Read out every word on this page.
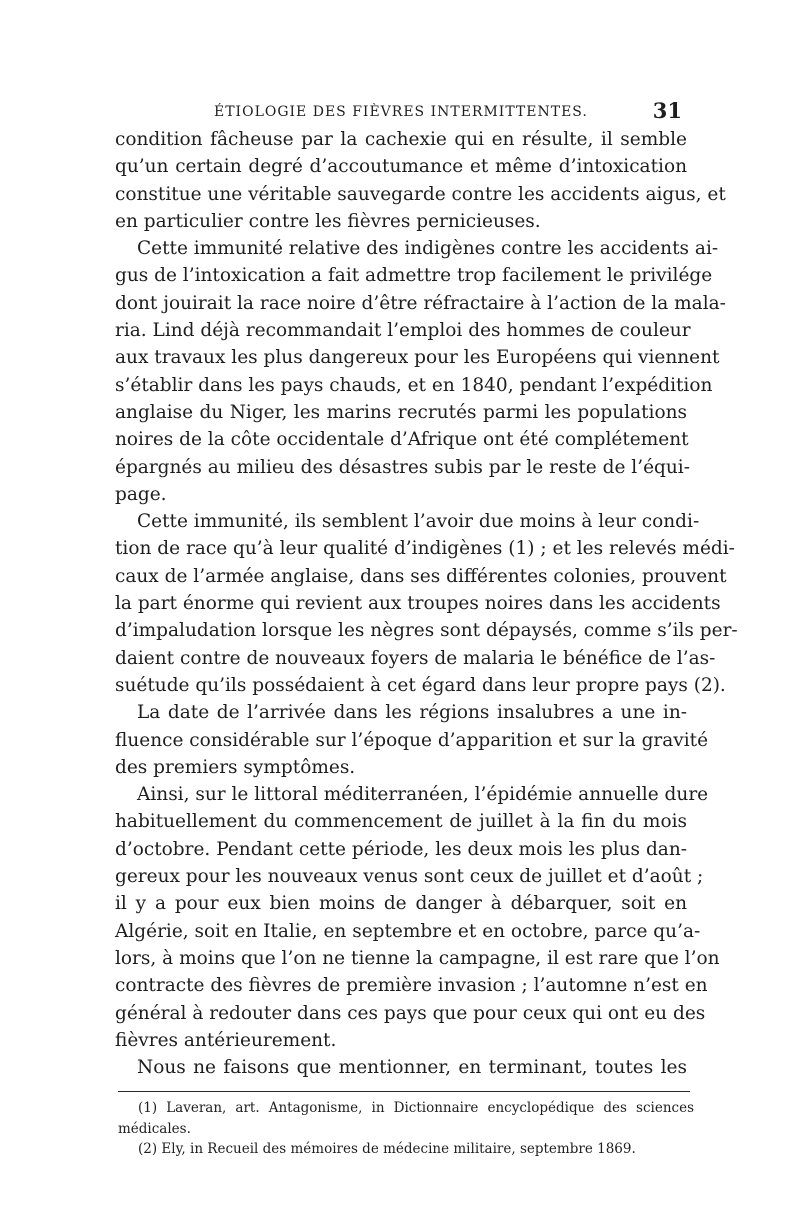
ÉTIOLOGIE DES FIÈVRES INTERMITTENTES.	31
condition fâcheuse par la cachexie qui en résulte, il semble
qu’un certain degré d’accoutumance et même d’intoxication
constitue une véritable sauvegarde contre les accidents aigus, et
en particulier contre les fièvres pernicieuses.
Cette immunité relative des indigènes contre les accidents ai-
gus de l’intoxication a fait admettre trop facilement le privilége
dont jouirait la race noire d’être réfractaire à l’action de la mala-
ria. Lind déjà recommandait l’emploi des hommes de couleur
aux travaux les plus dangereux pour les Européens qui viennent
s’établir dans les pays chauds, et en 1840, pendant l’expédition
anglaise du Niger, les marins recrutés parmi les populations
noires de la côte occidentale d’Afrique ont été complétement
épargnés au milieu des désastres subis par le reste de l’équi-
page.
Cette immunité, ils semblent l’avoir due moins à leur condi-
tion de race qu’à leur qualité d’indigènes (1) ; et les relevés médi-
caux de l’armée anglaise, dans ses différentes colonies, prouvent
la part énorme qui revient aux troupes noires dans les accidents
d’impaludation lorsque les nègres sont dépaysés, comme s’ils per-
daient contre de nouveaux foyers de malaria le bénéfice de l’as-
suétude qu’ils possédaient à cet égard dans leur propre pays (2).
La date de l’arrivée dans les régions insalubres a une in-
fluence considérable sur l’époque d’apparition et sur la gravité
des premiers symptômes.
Ainsi, sur le littoral méditerranéen, l’épidémie annuelle dure
habituellement du commencement de juillet à la fin du mois
d’octobre. Pendant cette période, les deux mois les plus dan-
gereux pour les nouveaux venus sont ceux de juillet et d’août ;
il y a pour eux bien moins de danger à débarquer, soit en
Algérie, soit en Italie, en septembre et en octobre, parce qu’a-
lors, à moins que l’on ne tienne la campagne, il est rare que l’on
contracte des fièvres de première invasion ; l’automne n’est en
général à redouter dans ces pays que pour ceux qui ont eu des
fièvres antérieurement.
Nous ne faisons que mentionner, en terminant, toutes les
(1) Laveran, art. Antagonisme, in Dictionnaire encyclopédique des sciences
médicales.
(2) Ely, in Recueil des mémoires de médecine militaire, septembre 1869.
